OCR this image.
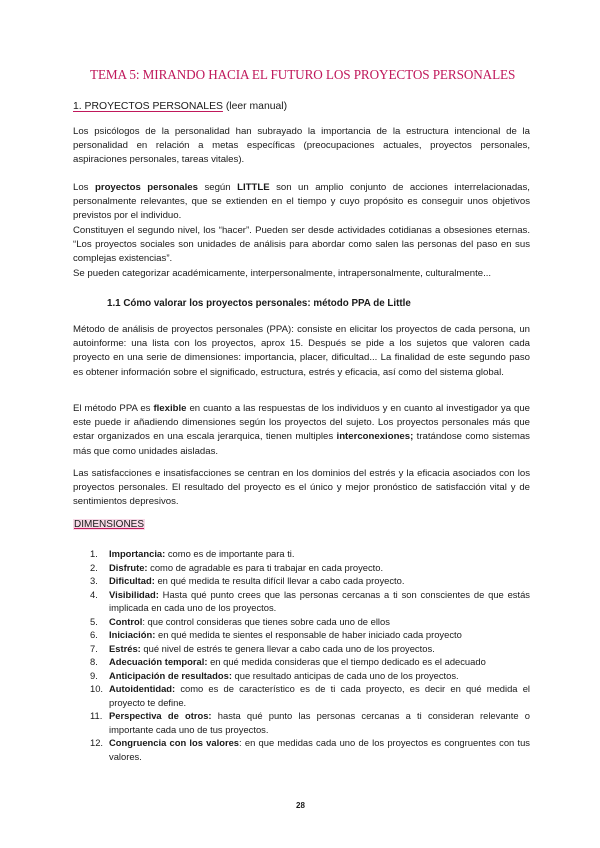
TEMA 5: MIRANDO HACIA EL FUTURO LOS PROYECTOS PERSONALES
1. PROYECTOS PERSONALES (leer manual)

Los psicólogos de la personalidad han subrayado la importancia de la estructura intencional de la personalidad en relación a metas específicas (preocupaciones actuales, proyectos personales, aspiraciones personales, tareas vitales).

Los proyectos personales según LITTLE son un amplio conjunto de acciones interrelacionadas, personalmente relevantes, que se extienden en el tiempo y cuyo propósito es conseguir unos objetivos previstos por el individuo.

Constituyen el segundo nivel, los “hacer”. Pueden ser desde actividades cotidianas a obsesiones eternas. “Los proyectos sociales son unidades de análisis para abordar como salen las personas del paso en sus complejas existencias”.

Se pueden categorizar académicamente, interpersonalmente, intrapersonalmente, culturalmente...

1.1 Cómo valorar los proyectos personales: método PPA de Little

Método de análisis de proyectos personales (PPA): consiste en elicitar los proyectos de cada persona, un autoinforme: una lista con los proyectos, aprox 15. Después se pide a los sujetos que valoren cada proyecto en una serie de dimensiones: importancia, placer, dificultad... La finalidad de este segundo paso es obtener información sobre el significado, estructura, estrés y eficacia, así como del sistema global.

El método PPA es flexible en cuanto a las respuestas de los individuos y en cuanto al investigador ya que este puede ir añadiendo dimensiones según los proyectos del sujeto. Los proyectos personales más que estar organizados en una escala jerarquica, tienen multiples interconexiones; tratándose como sistemas más que como unidades aisladas.

Las satisfacciones e insatisfacciones se centran en los dominios del estrés y la eficacia asociados con los proyectos personales. El resultado del proyecto es el único y mejor pronóstico de satisfacción vital y de sentimientos depresivos.

DIMENSIONES
1. Importancia: como es de importante para ti.
2. Disfrute: como de agradable es para ti trabajar en cada proyecto.
3. Dificultad: en qué medida te resulta difícil llevar a cabo cada proyecto.
4. Visibilidad: Hasta qué punto crees que las personas cercanas a ti son conscientes de que estás implicada en cada uno de los proyectos.
5. Control: que control consideras que tienes sobre cada uno de ellos
6. Iniciación: en qué medida te sientes el responsable de haber iniciado cada proyecto
7. Estrés: qué nivel de estrés te genera llevar a cabo cada uno de los proyectos.
8. Adecuación temporal: en qué medida consideras que el tiempo dedicado es el adecuado
9. Anticipación de resultados: que resultado anticipas de cada uno de los proyectos.
10. Autoidentidad: como es de característico es de ti cada proyecto, es decir en qué medida el proyecto te define.
11. Perspectiva de otros: hasta qué punto las personas cercanas a ti consideran relevante o importante cada uno de tus proyectos.
12. Congruencia con los valores: en que medidas cada uno de los proyectos es congruentes con tus valores.
28
